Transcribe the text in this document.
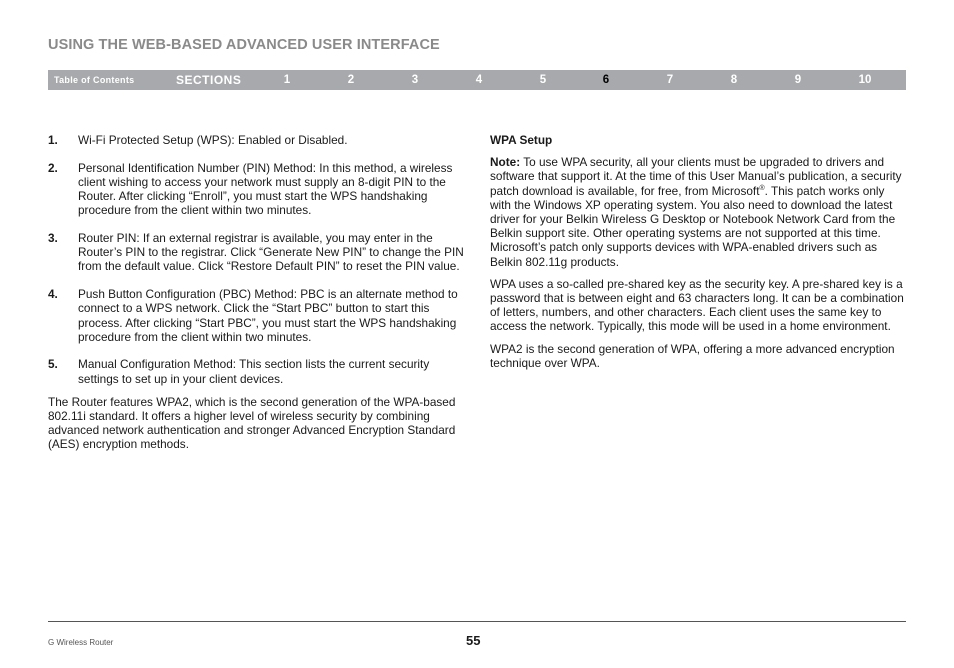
USING THE WEB-BASED ADVANCED USER INTERFACE
Table of Contents	SECTIONS	1	2	3	4	5	6	7	8	9	10
1.	Wi-Fi Protected Setup (WPS): Enabled or Disabled.
2.	Personal Identification Number (PIN) Method: In this method, a wireless client wishing to access your network must supply an 8-digit PIN to the Router. After clicking “Enroll”, you must start the WPS handshaking procedure from the client within two minutes.
3.	Router PIN: If an external registrar is available, you may enter in the Router’s PIN to the registrar. Click “Generate New PIN” to change the PIN from the default value. Click “Restore Default PIN” to reset the PIN value.
4.	Push Button Configuration (PBC) Method: PBC is an alternate method to connect to a WPS network. Click the “Start PBC” button to start this process. After clicking “Start PBC”, you must start the WPS handshaking procedure from the client within two minutes.
5.	Manual Configuration Method: This section lists the current security settings to set up in your client devices.

The Router features WPA2, which is the second generation of the WPA-based 802.11i standard. It offers a higher level of wireless security by combining advanced network authentication and stronger Advanced Encryption Standard (AES) encryption methods.

WPA Setup

Note: To use WPA security, all your clients must be upgraded to drivers and software that support it. At the time of this User Manual’s publication, a security patch download is available, for free, from Microsoft®. This patch works only with the Windows XP operating system. You also need to download the latest driver for your Belkin Wireless G Desktop or Notebook Network Card from the Belkin support site. Other operating systems are not supported at this time. Microsoft’s patch only supports devices with WPA-enabled drivers such as Belkin 802.11g products.

WPA uses a so-called pre-shared key as the security key. A pre-shared key is a password that is between eight and 63 characters long. It can be a combination of letters, numbers, and other characters. Each client uses the same key to access the network. Typically, this mode will be used in a home environment.

WPA2 is the second generation of WPA, offering a more advanced encryption technique over WPA.

G Wireless Router	55
